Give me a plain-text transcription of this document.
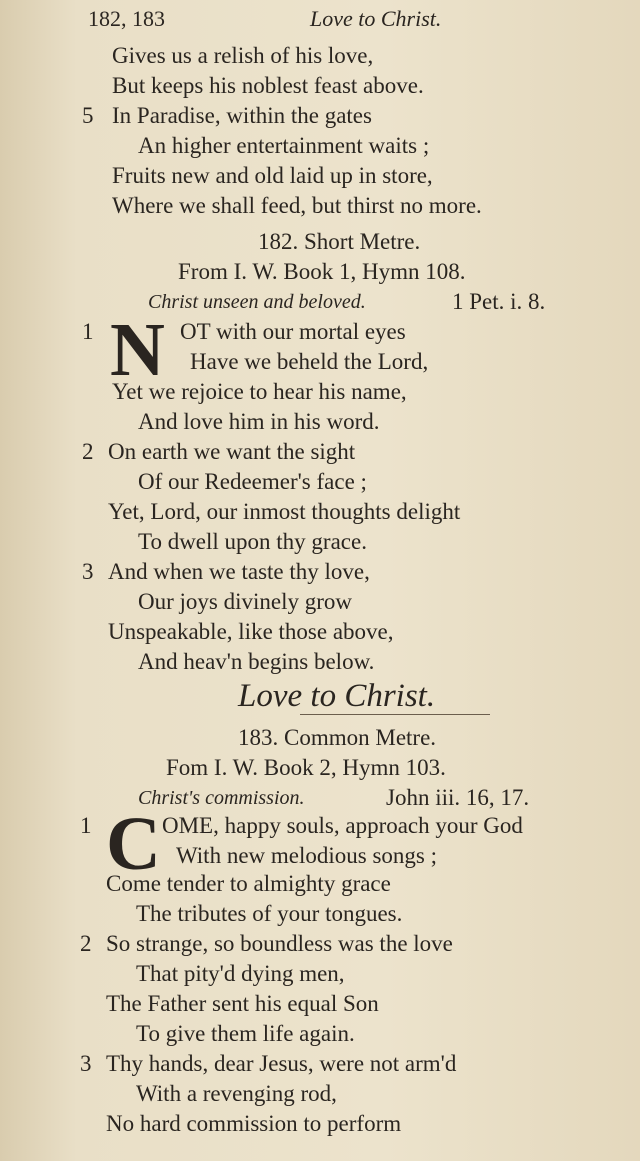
182, 183	Love to Christ.
Gives us a relish of his love,
But keeps his noblest feast above.
5 In Paradise, within the gates
An higher entertainment waits ;
Fruits new and old laid up in store,
Where we shall feed, but thirst no more.
182. Short Metre.
From I. W. Book 1, Hymn 108.
Christ unseen and beloved.	1 Pet. i. 8.
1 N OT with our mortal eyes
Have we beheld the Lord,
Yet we rejoice to hear his name,
And love him in his word.
2 On earth we want the sight
Of our Redeemer's face ;
Yet, Lord, our inmost thoughts delight
To dwell upon thy grace.
3 And when we taste thy love,
Our joys divinely grow
Unspeakable, like those above,
And heav'n begins below.
Love to Christ.
183. Common Metre.
Fom I. W. Book 2, Hymn 103.
Christ's commission.	John iii. 16, 17.
1 C OME, happy souls, approach your God
With new melodious songs ;
Come tender to almighty grace
The tributes of your tongues.
2 So strange, so boundless was the love
That pity'd dying men,
The Father sent his equal Son
To give them life again.
3 Thy hands, dear Jesus, were not arm'd
With a revenging rod,
No hard commission to perform
